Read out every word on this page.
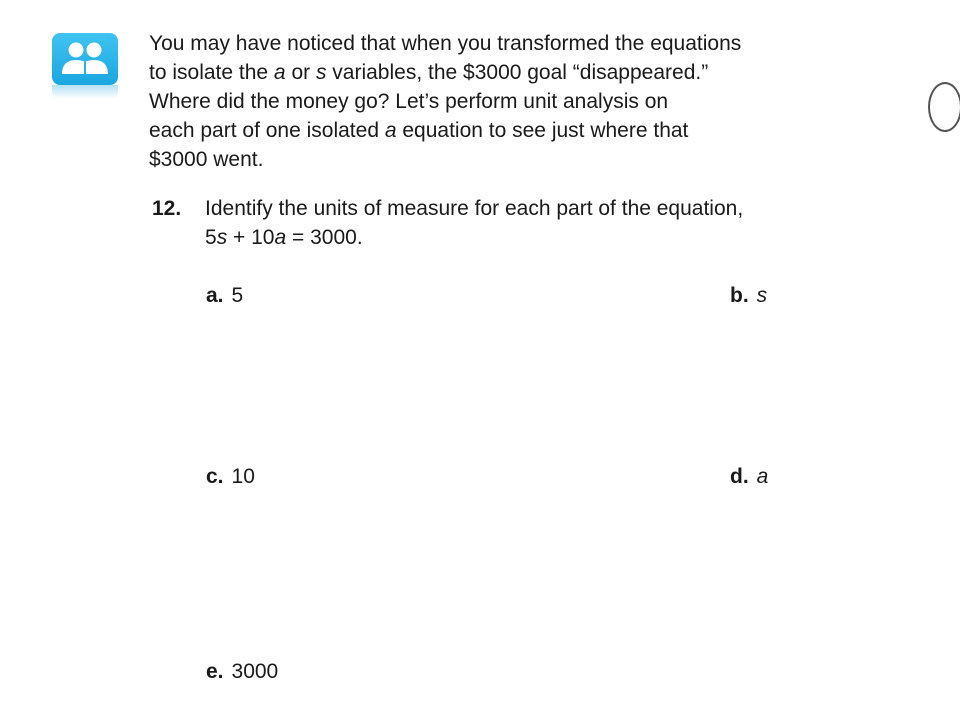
You may have noticed that when you transformed the equations
to isolate the a or s variables, the $3000 goal “disappeared.”
Where did the money go? Let’s perform unit analysis on
each part of one isolated a equation to see just where that
$3000 went.
12. Identify the units of measure for each part of the equation,
5s + 10a = 3000.
a. 5	b. s
c. 10	d. a
e. 3000
